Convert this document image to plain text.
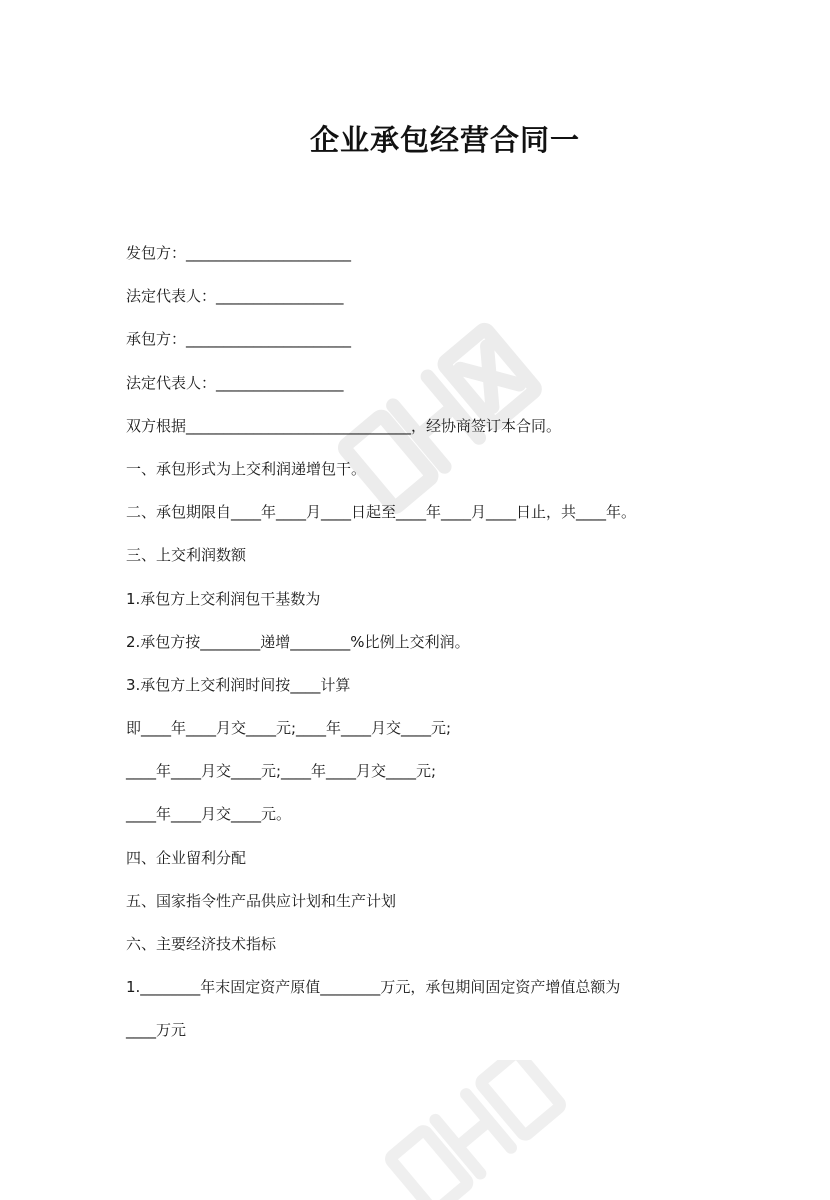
企业承包经营合同一
发包方：______________________
法定代表人：_________________
承包方：______________________
法定代表人：_________________
双方根据______________________________，经协商签订本合同。
一、承包形式为上交利润递增包干。
二、承包期限自____年____月____日起至____年____月____日止，共____年。
三、上交利润数额
1.承包方上交利润包干基数为
2.承包方按________递增________%比例上交利润。
3.承包方上交利润时间按____计算
即____年____月交____元;____年____月交____元;
____年____月交____元;____年____月交____元;
____年____月交____元。
四、企业留利分配
五、国家指令性产品供应计划和生产计划
六、主要经济技术指标
1.________年末固定资产原值________万元，承包期间固定资产增值总额为
____万元
